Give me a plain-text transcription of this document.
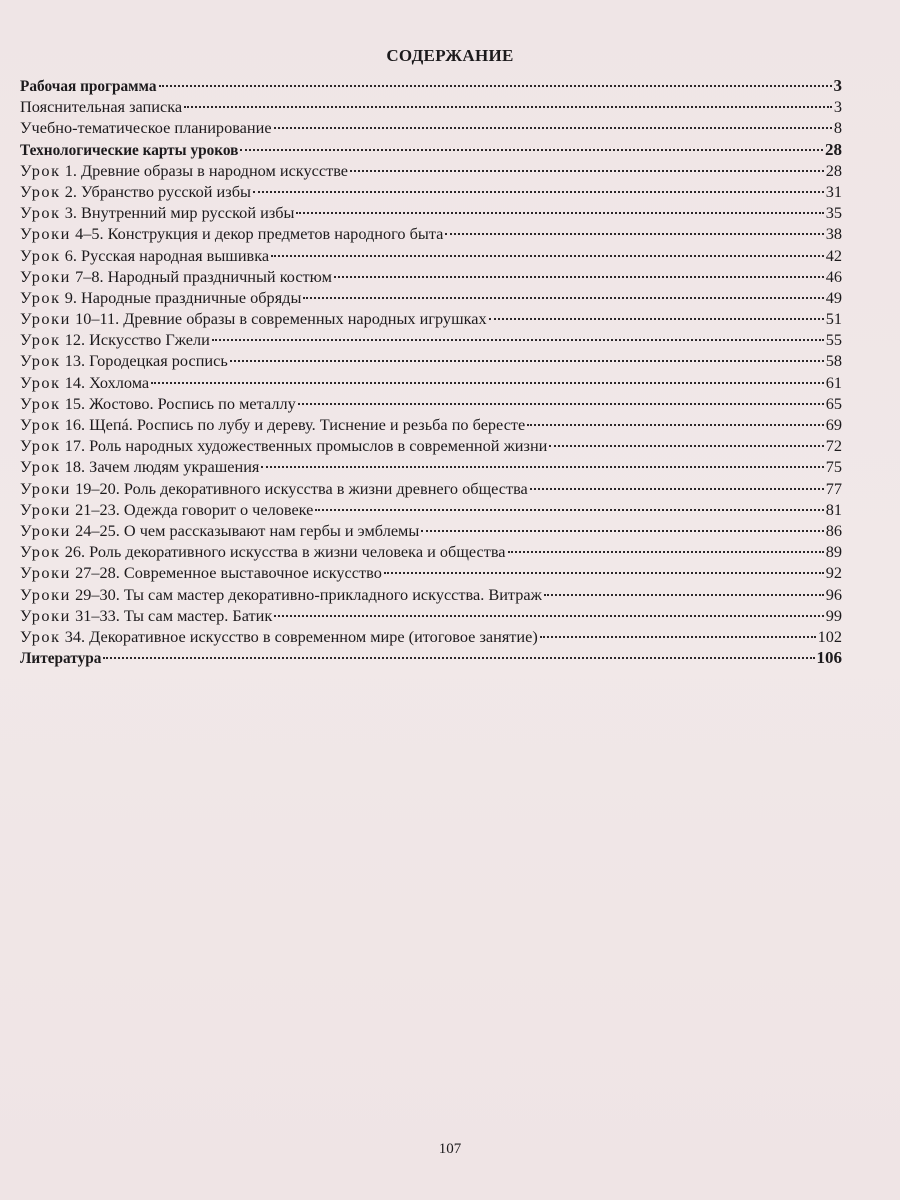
СОДЕРЖАНИЕ
Рабочая программа	3
Пояснительная записка	3
Учебно-тематическое планирование	8
Технологические карты уроков	28
Урок 1. Древние образы в народном искусстве	28
Урок 2. Убранство русской избы	31
Урок 3. Внутренний мир русской избы	35
Уроки 4–5. Конструкция и декор предметов народного быта	38
Урок 6. Русская народная вышивка	42
Уроки 7–8. Народный праздничный костюм	46
Урок 9. Народные праздничные обряды	49
Уроки 10–11. Древние образы в современных народных игрушках	51
Урок 12. Искусство Гжели	55
Урок 13. Городецкая роспись	58
Урок 14. Хохлома	61
Урок 15. Жостово. Роспись по металлу	65
Урок 16. Щепá. Роспись по лубу и дереву. Тиснение и резьба по бересте	69
Урок 17. Роль народных художественных промыслов в современной жизни	72
Урок 18. Зачем людям украшения	75
Уроки 19–20. Роль декоративного искусства в жизни древнего общества	77
Уроки 21–23. Одежда говорит о человеке	81
Уроки 24–25. О чем рассказывают нам гербы и эмблемы	86
Урок 26. Роль декоративного искусства в жизни человека и общества	89
Уроки 27–28. Современное выставочное искусство	92
Уроки 29–30. Ты сам мастер декоративно-прикладного искусства. Витраж	96
Уроки 31–33. Ты сам мастер. Батик	99
Урок 34. Декоративное искусство в современном мире (итоговое занятие)	102
Литература	106
107
